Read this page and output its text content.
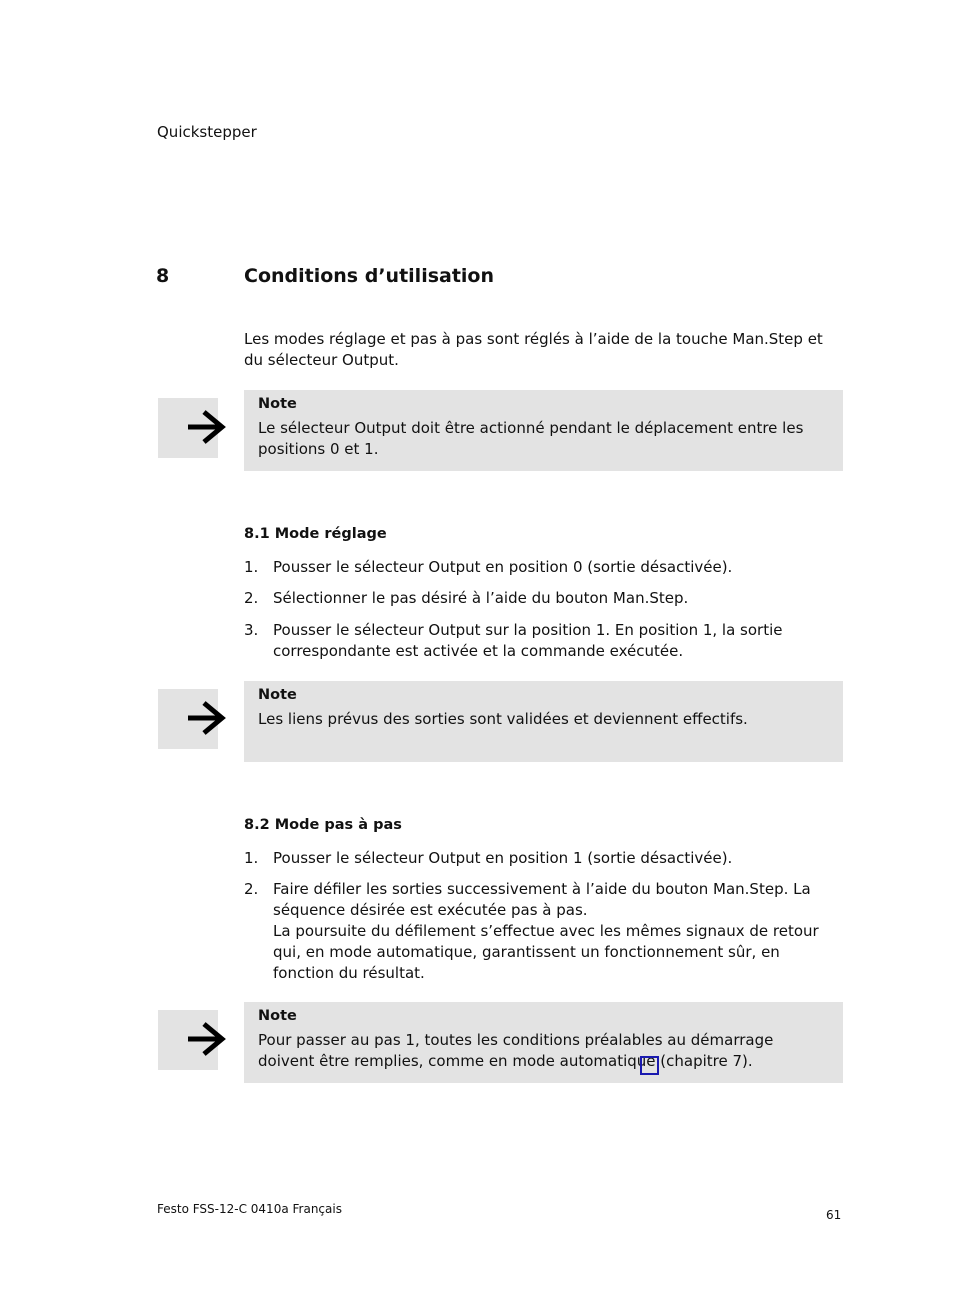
Quickstepper
8	Conditions d’utilisation
Les modes réglage et pas à pas sont réglés à l’aide de la touche Man.Step et du sélecteur Output.
Note
Le sélecteur Output doit être actionné pendant le déplacement entre les positions 0 et 1.
8.1 Mode réglage
1. Pousser le sélecteur Output en position 0 (sortie désactivée).
2. Sélectionner le pas désiré à l’aide du bouton Man.Step.
3. Pousser le sélecteur Output sur la position 1. En position 1, la sortie correspondante est activée et la commande exécutée.
Note
Les liens prévus des sorties sont validées et deviennent effectifs.
8.2 Mode pas à pas
1. Pousser le sélecteur Output en position 1 (sortie désactivée).
2. Faire défiler les sorties successivement à l’aide du bouton Man.Step. La séquence désirée est exécutée pas à pas.
La poursuite du défilement s’effectue avec les mêmes signaux de retour qui, en mode automatique, garantissent un fonctionnement sûr, en fonction du résultat.
Note
Pour passer au pas 1, toutes les conditions préalables au démarrage doivent être remplies, comme en mode automatique (chapitre 7).
Festo FSS-12-C 0410a Français	61
